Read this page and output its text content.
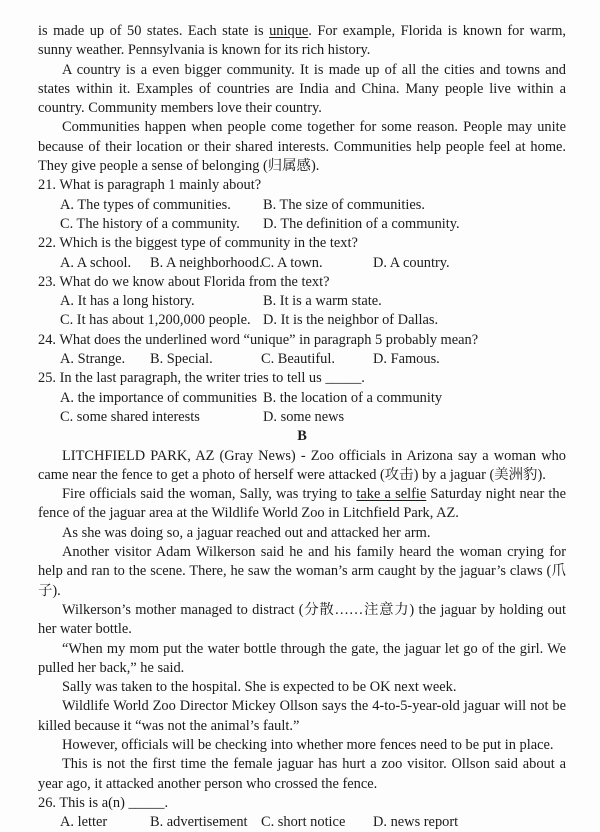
is made up of 50 states. Each state is unique. For example, Florida is known for warm, sunny weather. Pennsylvania is known for its rich history.

A country is a even bigger community. It is made up of all the cities and towns and states within it. Examples of countries are India and China. Many people live within a country. Community members love their country.

Communities happen when people come together for some reason. People may unite because of their location or their shared interests. Communities help people feel at home. They give people a sense of belonging (归属感).

21. What is paragraph 1 mainly about?

A. The types of communities.	B. The size of communities.
C. The history of a community.	D. The definition of a community.

22. Which is the biggest type of community in the text?

A. A school.	B. A neighborhood.
C. A town.	D. A country.

23. What do we know about Florida from the text?

A. It has a long history.	B. It is a warm state.
C. It has about 1,200,000 people. D. It is the neighbor of Dallas.

24. What does the underlined word “unique” in paragraph 5 probably mean?

A. Strange.	B. Special.	C. Beautiful.	D. Famous.

25. In the last paragraph, the writer tries to tell us _____.

A. the importance of communities B. the location of a community
C. some shared interests	D. some news

B

LITCHFIELD PARK, AZ (Gray News) - Zoo officials in Arizona say a woman who came near the fence to get a photo of herself were attacked (攻击) by a jaguar (美洲豹).

Fire officials said the woman, Sally, was trying to take a selfie Saturday night near the fence of the jaguar area at the Wildlife World Zoo in Litchfield Park, AZ.

As she was doing so, a jaguar reached out and attacked her arm.

Another visitor Adam Wilkerson said he and his family heard the woman crying for help and ran to the scene. There, he saw the woman’s arm caught by the jaguar’s claws (爪子).

Wilkerson’s mother managed to distract (分散……注意力) the jaguar by holding out her water bottle.

“When my mom put the water bottle through the gate, the jaguar let go of the girl. We pulled her back,” he said.

Sally was taken to the hospital. She is expected to be OK next week.

Wildlife World Zoo Director Mickey Ollson says the 4-to-5-year-old jaguar will not be killed because it “was not the animal’s fault.”

However, officials will be checking into whether more fences need to be put in place.

This is not the first time the female jaguar has hurt a zoo visitor. Ollson said about a year ago, it attacked another person who crossed the fence.

26. This is a(n) _____.

A. letter	B. advertisement C. short notice	D. news report
